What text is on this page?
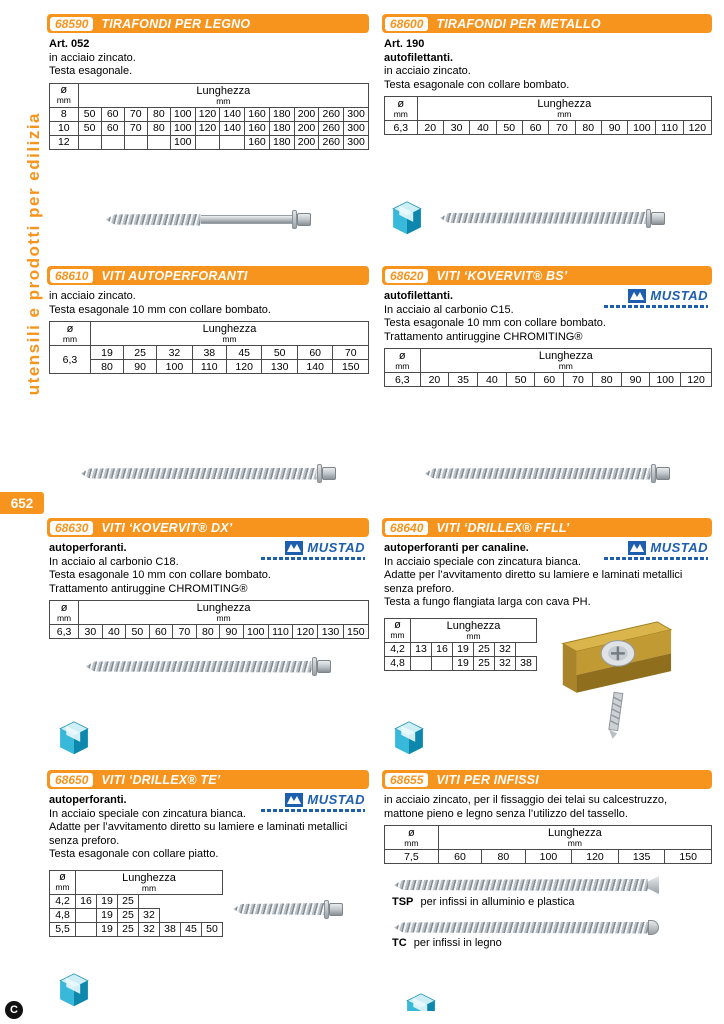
utensili e prodotti per edilizia
652
C
68590	TIRAFONDI PER LEGNO
Art. 052
in acciaio zincato.
Testa esagonale.
ø
mm

Lunghezza
mm

8	50	60	70	80	100	120	140	160	180	200	260	300
10	50	60	70	80	100	120	140	160	180	200	260	300
12					100			160	180	200	260	300
68600	TIRAFONDI PER METALLO
Art. 190
autofilettanti.
in acciaio zincato.
Testa esagonale con collare bombato.
ø
mm

Lunghezza
mm

6,3	20	30	40	50	60	70	80	90	100	110	120
68610	VITI AUTOPERFORANTI
in acciaio zincato.
Testa esagonale 10 mm con collare bombato.
ø
mm

Lunghezza
mm

6,3	19	25	32	38	45	50	60	70
	80	90	100	110	120	130	140	150
68620	VITI ‘KOVERVIT® BS’
MUSTAD
autofilettanti.
In acciaio al carbonio C15.
Testa esagonale 10 mm con collare bombato.
Trattamento antiruggine CHROMITING®
ø
mm

Lunghezza
mm

6,3	20	35	40	50	60	70	80	90	100	120
68630	VITI ‘KOVERVIT® DX’
MUSTAD
autoperforanti.
In acciaio al carbonio C18.
Testa esagonale 10 mm con collare bombato.
Trattamento antiruggine CHROMITING®
ø
mm

Lunghezza
mm

6,3	30	40	50	60	70	80	90	100	110	120	130	150
68640	VITI ‘DRILLEX® FFLL’
MUSTAD
autoperforanti per canaline.
In acciaio speciale con zincatura bianca.
Adatte per l’avvitamento diretto su lamiere e laminati metallici senza preforo.
Testa a fungo flangiata larga con cava PH.
ø
mm

Lunghezza
mm

4,2	13	16	19	25	32	
4,8			19	25	32	38
68650	VITI ‘DRILLEX® TE’
MUSTAD
autoperforanti.
In acciaio speciale con zincatura bianca.
Adatte per l’avvitamento diretto su lamiere e laminati metallici senza preforo.
Testa esagonale con collare piatto.
ø
mm

Lunghezza
mm

4,2	16	19	25				
4,8		19	25	32			
5,5		19	25	32	38	45	50
68655	VITI PER INFISSI
in acciaio zincato, per il fissaggio dei telai su calcestruzzo, mattone pieno e legno senza l’utilizzo del tassello.
ø
mm

Lunghezza
mm

7,5	60	80	100	120	135	150
TSP per infissi in alluminio e plastica
TC per infissi in legno
